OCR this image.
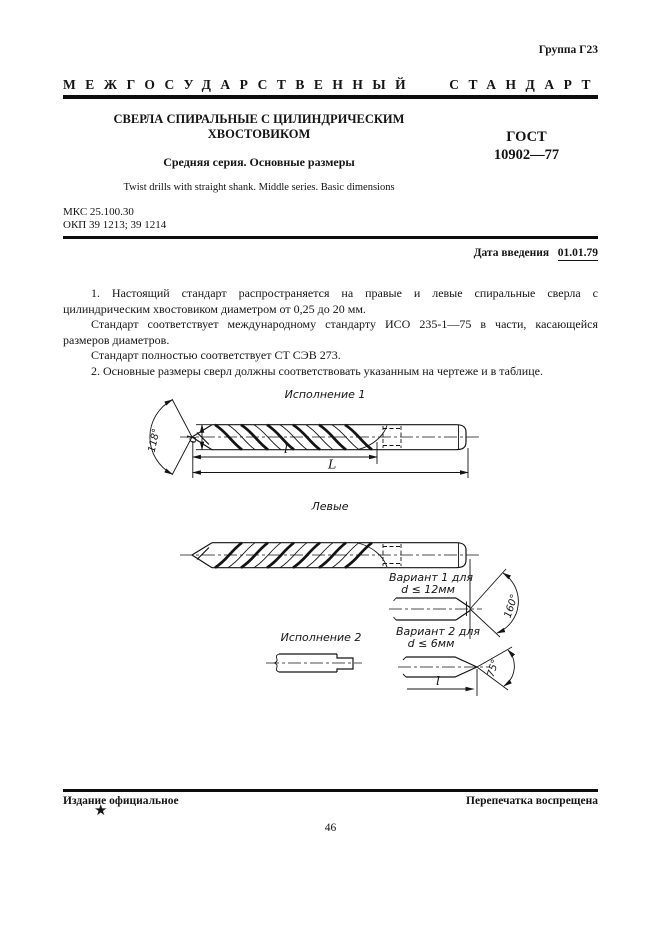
Группа Г23
МЕЖГОСУДАРСТВЕННЫЙ	СТАНДАРТ
СВЕРЛА СПИРАЛЬНЫЕ С ЦИЛИНДРИЧЕСКИМ
ХВОСТОВИКОМ
Средняя серия. Основные размеры
Twist drills with straight shank. Middle series. Basic dimensions
ГОСТ
10902—77
МКС 25.100.30
ОКП 39 1213; 39 1214
Дата введения 01.01.79

1. Настоящий стандарт распространяется на правые и левые спиральные сверла с цилиндрическим хвостовиком диаметром от 0,25 до 20 мм.

Стандарт соответствует международному стандарту ИСО 235-1—75 в части, касающейся размеров диаметров.

Стандарт полностью соответствует СТ СЭВ 273.

2. Основные размеры сверл должны соответствовать указанным на чертеже и в таблице.

Исполнение 1
118° d
l
L
Левые
Вариант 1 для
d ≤ 12мм
160°
Исполнение 2	Вариант 2 для
d ≤ 6мм
75°
l
Издание официальное	Перепечатка воспрещена
★
46
